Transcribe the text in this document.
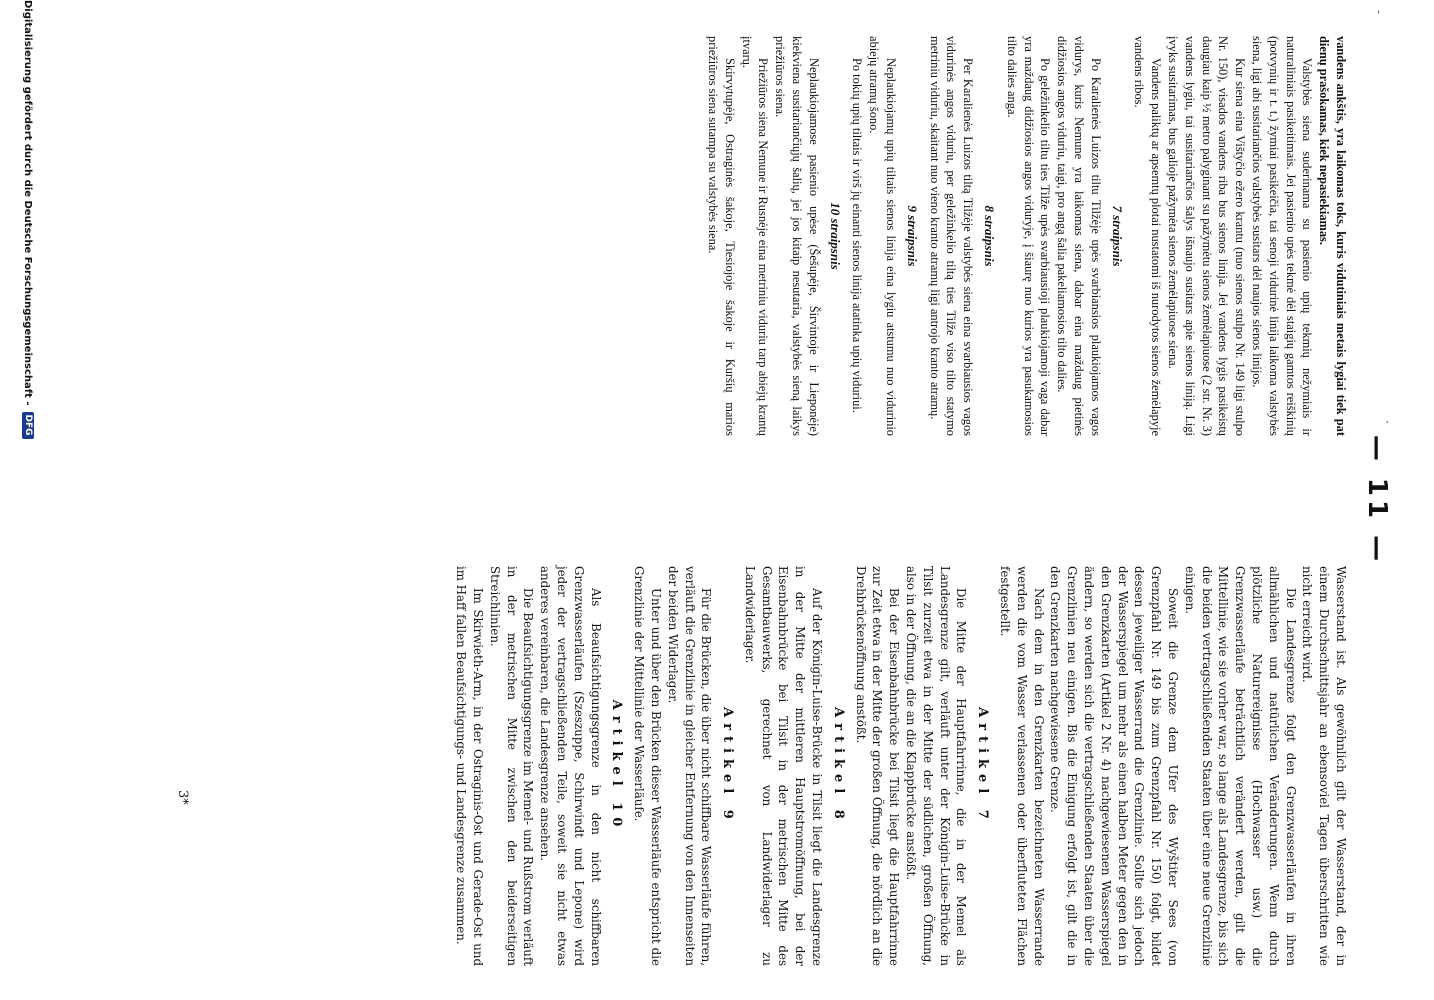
-
·
— 11 —

vandens ankštis, yra laikomas toks, kuris vidutiniais metais lygiai tiek pat dienų prašokamas, kiek nepasiekiamas.

Valstybės siena suderinama su pasienio upių tekmių nežymiais ir naturaliniais pasikeitimais. Jei pasienio upės tekmė dėl staigių gamtos reiškinių (potvynių ir t. t.) žymiai pasikeičia, tai senoji vidurinė linija laikoma valstybės siena, ligi abi susitariančios valstybės susitars dėl naujos sienos linijos.

Kur siena eina Vištyčio ežero krantu (nuo sienos stulpo Nr. 149 ligi stulpo Nr. 150), visados vandens riba bus sienos linija. Jei vandens lygis pasikeistų daugiau kaip ½ metro palyginant su pažymėtu sienos žemėlapiuose (2 str. Nr. 3) vandens lygiu, tai susitariančios šalys išnaujo susitars apie sienos liniją. Ligi įvyks susitarimas, bus galioje pažymėta sienos žemėlapiuose siena.

Vandens paliktų ar apsemtų plotai nustatomi iš nurodytos sienos žemėlapyje vandens ribos.

7 straipsnis

Po Karalienės Luizos tiltu Tilžėje upės svarbiansios plaukiojamos vagos vidurys, kuris Nemune yra laikomas siena, dabar eina maždaug pietinės didžiosios angos viduriu, taigi, pro angą šalia pakeliamosios tilto dalies.

Po geležinkelio tiltu ties Tilže upės svarbiausioji plaukiojamoji vaga dabar yra maždaug didžiosios angos viduryje, į šiaurę nuo kurios yra pasukamosios tilto dalies anga.

8 straipsnis

Per Karalienės Luizos tiltą Tilžėje valstybės siena eina svarbiausios vagos vidurinės angos viduriu, per geležinkelio tiltą ties Tilže viso tilto statymo metriniu viduriu, skaitant nuo vieno kranto atramų ligi antrojo kranto atramų.

9 straipsnis

Neplaukiojamų upių tiltais sienos linija eina lygiu atstumu nuo vidurinio abiejų atramų šono.

Po tokių upių tiltais ir virš jų einanti sienos linija atatinka upių viduriui.

10 straipsnis

Neplaukiojamose pasienio upėse (Šešupėje, Širvintoje ir Lieponėje) kiekviena susitariančiųjų šalių, jei jos kitaip nesutaria, valstybės sieną laikys priežiūros siena.

Priežiūros siena Nemune ir Rusnėje eina metriniu viduriu tarp abiejų krantų įtvarų.

Skirvytupėje, Ostraginės šakoje, Tiesiojoje šakoje ir Kuršių marios priežiūros siena sutampa su valstybės siena.

Wasserstand ist. Als gewöhnlich gilt der Wasserstand, der in einem Durchschnittsjahr an ebensoviel Tagen überschritten wie nicht erreicht wird.

Die Landesgrenze folgt den Grenzwasserläufen in ihren allmählichen und natürlichen Veränderungen. Wenn durch plötzliche Naturereignisse (Hochwasser usw.) die Grenzwasserläufe beträchtlich verändert werden, gilt die Mittellinie, wie sie vorher war, so lange als Landesgrenze, bis sich die beiden vertragschließenden Staaten über eine neue Grenzlinie einigen.

Soweit die Grenze dem Ufer des Wyštiter Sees (von Grenzpfahl Nr. 149 bis zum Grenzpfahl Nr. 150) folgt, bildet dessen jeweiliger Wasserrand die Grenzlinie. Sollte sich jedoch der Wasserspiegel um mehr als einen halben Meter gegen den in den Grenzkarten (Artikel 2 Nr. 4) nachgewiesenen Wasserspiegel ändern, so werden sich die vertragschließenden Staaten über die Grenzlinien neu einigen. Bis die Einigung erfolgt ist, gilt die in den Grenzkarten nachgewiesene Grenze.

Nach dem in den Grenzkarten bezeichneten Wasserrande werden die vom Wasser verlassenen oder überfluteten Flächen festgestellt.

Artikel 7

Die Mitte der Hauptfahrrinne, die in der Memel als Landesgrenze gilt, verläuft unter der Königin-Luise-Brücke in Tilsit zurzeit etwa in der Mitte der südlichen, großen Öffnung, also in der Öffnung, die an die Klappbrücke anstößt.

Bei der Eisenbahnbrücke bei Tilsit liegt die Hauptfahrrinne zur Zeit etwa in der Mitte der großen Öffnung, die nördlich an die Drehbrückenöffnung anstößt.

Artikel 8

Auf der Königin-Luise-Brücke in Tilsit liegt die Landesgrenze in der Mitte der mittleren Hauptstromöffnung, bei der Eisenbahnbrücke bei Tilsit in der metrischen Mitte des Gesamtbauwerks, gerechnet von Landwiderlager zu Landwiderlager.

Artikel 9

Für die Brücken, die über nicht schiffbare Wasserläufe führen, verläuft die Grenzlinie in gleicher Entfernung von den Innenseiten der beiden Widerlager.

Unter und über den Brücken dieser Wasserläufe entspricht die Grenzlinie der Mittellinie der Wasserläufe.

Artikel 10

Als Beaufsichtigungsgrenze in den nicht schiffbaren Grenzwasserläufen (Szeszuppe, Schirwindt und Lepone) wird jeder der vertragschließenden Teile, soweit sie nicht etwas anderes vereinbaren, die Landesgrenze ansehen.

Die Beaufsichtigungsgrenze im Memel- und Rußstrom verläuft in der metrischen Mitte zwischen den beiderseitigen Streichlinien.

Im Skirwieth-Arm, in der Ostraginis-Ost und Gerade-Ost und im Haff fallen Beaufsichtigungs- und Landesgrenze zusammen.

3*
Digitalisierung gefördert durch die Deutsche Forschungsgemeinschaft -
DFG
